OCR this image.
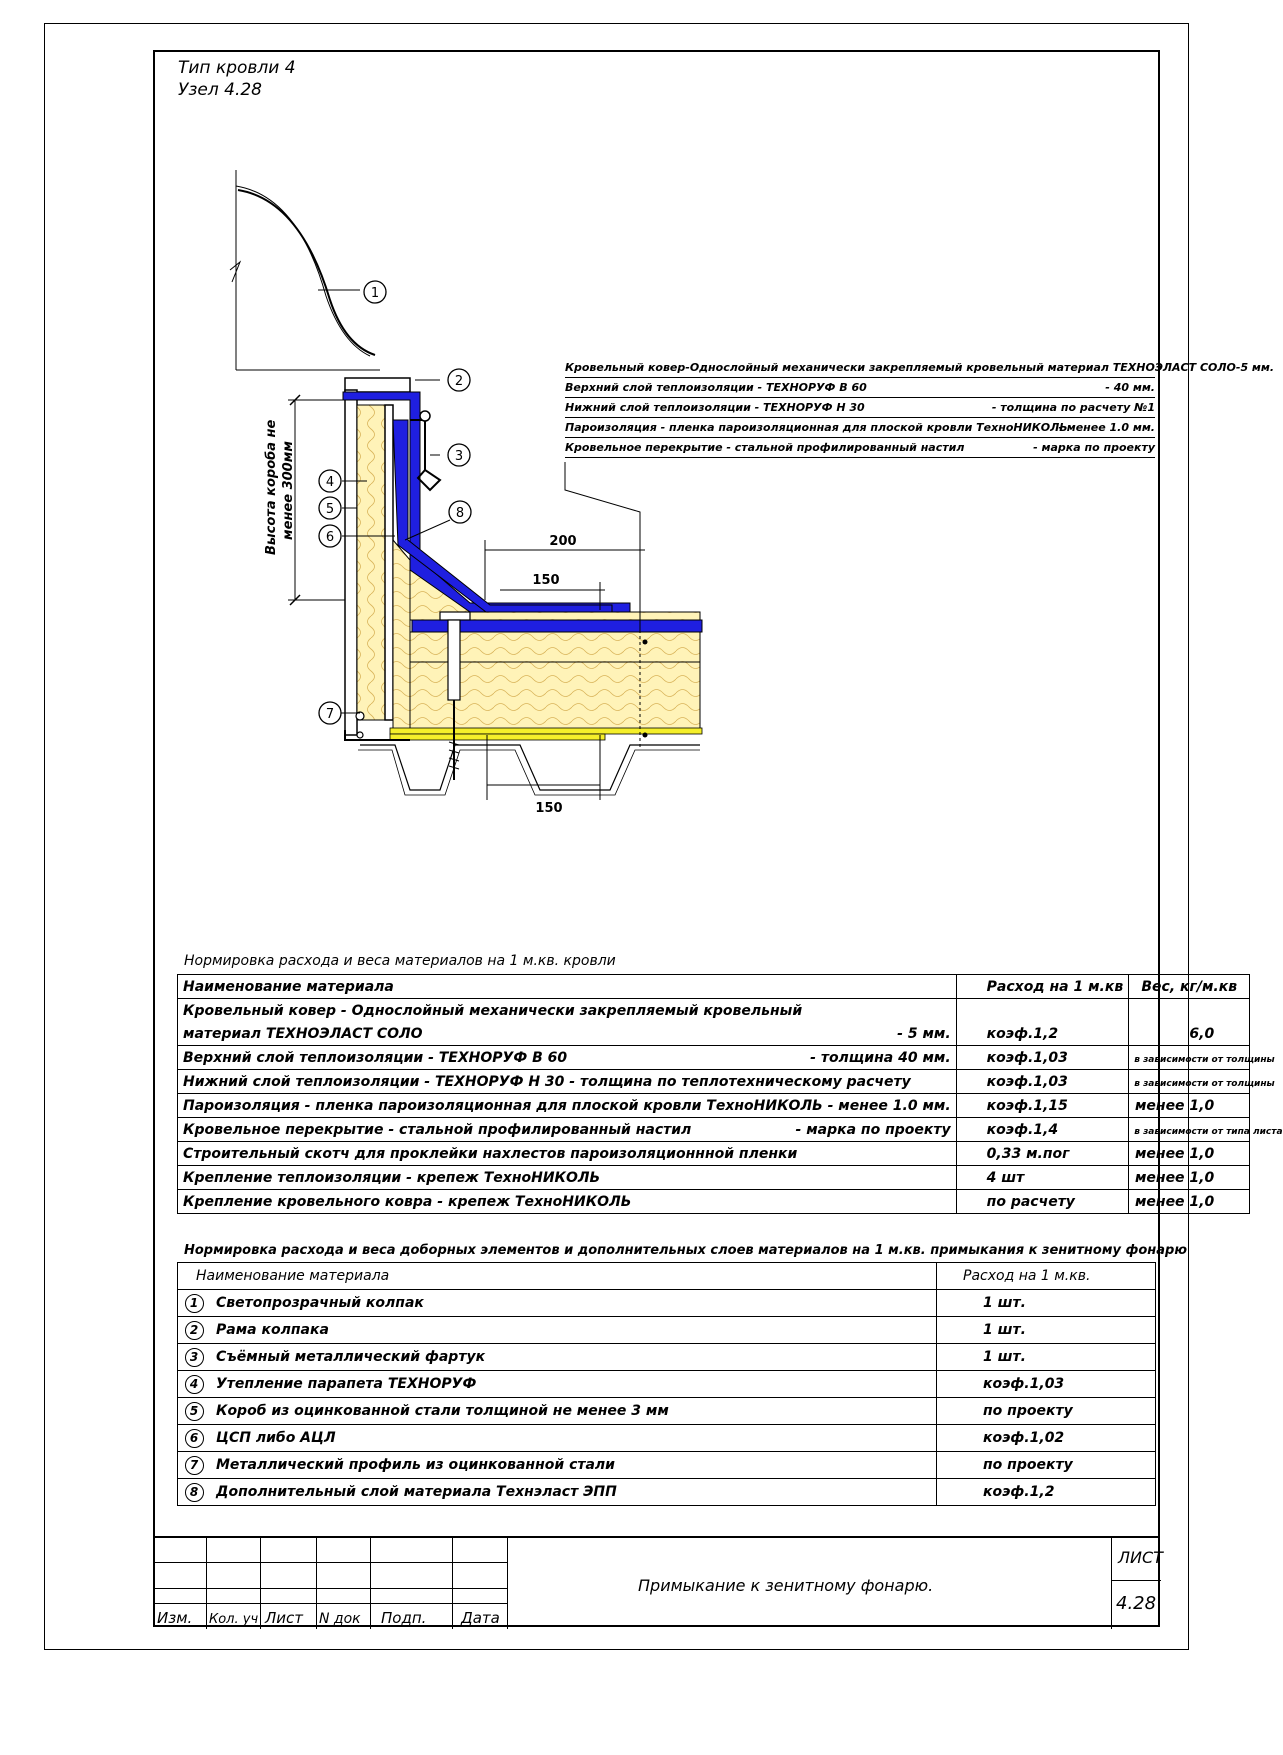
Тип кровли 4
Узел 4.28
1
2
3
4
5
6
7
8
200
150
150
Высота короба не менее 300мм
Кровельный ковер-Однослойный механически закрепляемый кровельный материал ТЕХНОЭЛАСТ СОЛО-5 мм.
Верхний слой теплоизоляции - ТЕХНОРУФ В 60	- 40 мм.
Нижний слой теплоизоляции - ТЕХНОРУФ Н 30	- толщина по расчету №1
Пароизоляция - пленка пароизоляционная для плоской кровли ТехноНИКОЛЬ
- менее 1.0 мм.
Кровельное перекрытие - стальной профилированный настил	- марка по проекту
Нормировка расхода и веса материалов на 1 м.кв. кровли
Наименование материала	Расход на 1 м.кв	Вес, кг/м.кв
Кровельный ковер - Однослойный механически закрепляемый кровельный		
материал ТЕХНОЭЛАСТ СОЛО - 5 мм.	коэф.1,2	6,0
Верхний слой теплоизоляции - ТЕХНОРУФ В 60 - толщина 40 мм.	коэф.1,03	в зависимости от толщины
Нижний слой теплоизоляции - ТЕХНОРУФ Н 30 - толщина по теплотехническому расчету	коэф.1,03	в зависимости от толщины
Пароизоляция - пленка пароизоляционная для плоской кровли ТехноНИКОЛЬ - менее 1.0 мм.	коэф.1,15	менее 1,0
Кровельное перекрытие - стальной профилированный настил - марка по проекту	коэф.1,4	в зависимости от типа листа
Строительный скотч для проклейки нахлестов пароизоляционнной пленки	0,33 м.пог	менее 1,0
Крепление теплоизоляции - крепеж ТехноНИКОЛЬ	4 шт	менее 1,0
Крепление кровельного ковра - крепеж ТехноНИКОЛЬ	по расчету	менее 1,0
Нормировка расхода и веса доборных элементов и дополнительных слоев материалов на 1 м.кв. примыкания к зенитному фонарю
Наименование материала		Расход на 1 м.кв.
1	Светопрозрачный колпак	1 шт.
2	Рама колпака	1 шт.
3	Съёмный металлический фартук	1 шт.
4	Утепление парапета ТЕХНОРУФ	коэф.1,03
5	Короб из оцинкованной стали толщиной не менее 3 мм	по проекту
6	ЦСП либо АЦЛ	коэф.1,02
7	Металлический профиль из оцинкованной стали	по проекту
8	Дополнительный слой материала Технэласт ЭПП	коэф.1,2
Изм. Кол. уч Лист N док Подп. Дата
Примыкание к зенитному фонарю.
ЛИСТ
4.28
